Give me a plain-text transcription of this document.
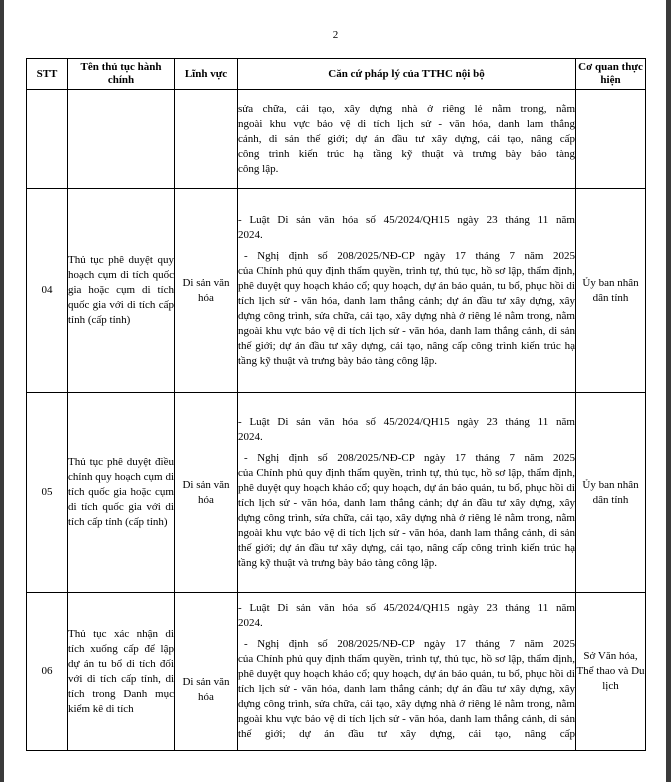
2
STT	Tên thủ tục hành chính	Lĩnh vực	Căn cứ pháp lý của TTHC nội bộ	Cơ quan thực hiện

			sửa chữa, cải tạo, xây dựng nhà ở riêng lẻ nằm trong, nằm
ngoài khu vực bảo vệ di tích lịch sử - văn hóa, danh lam thắng
cảnh, di sản thế giới; dự án đầu tư xây dựng, cải tạo, nâng cấp
công trình kiến trúc hạ tầng kỹ thuật và trưng bày bảo tàng
công lập.	

04	Thủ tục phê duyệt quy hoạch cụm di tích quốc gia hoặc cụm di tích quốc gia với di tích cấp tỉnh (cấp tỉnh)	Di sản văn hóa	- Luật Di sản văn hóa số 45/2024/QH15 ngày 23 tháng 11 năm
2024.
- Nghị định số 208/2025/NĐ-CP ngày 17 tháng 7 năm 2025
của Chính phủ quy định thẩm quyền, trình tự, thủ tục, hồ sơ lập, thẩm định, phê duyệt quy hoạch khảo cổ; quy hoạch, dự án bảo quản, tu bổ, phục hồi di tích lịch sử - văn hóa, danh lam thắng cảnh; dự án đầu tư xây dựng, xây dựng công trình, sửa chữa, cải tạo, xây dựng nhà ở riêng lẻ nằm trong, nằm ngoài khu vực bảo vệ di tích lịch sử - văn hóa, danh lam thắng cảnh, di sản thế giới; dự án đầu tư xây dựng, cải tạo, nâng cấp công trình kiến trúc hạ tầng kỹ thuật và trưng bày bảo tàng công lập.	Ủy ban nhân dân tỉnh
05	Thủ tục phê duyệt điều chỉnh quy hoạch cụm di tích quốc gia hoặc cụm di tích quốc gia với di tích cấp tỉnh (cấp tỉnh)	Di sản văn hóa	- Luật Di sản văn hóa số 45/2024/QH15 ngày 23 tháng 11 năm
2024.
- Nghị định số 208/2025/NĐ-CP ngày 17 tháng 7 năm 2025
của Chính phủ quy định thẩm quyền, trình tự, thủ tục, hồ sơ lập, thẩm định, phê duyệt quy hoạch khảo cổ; quy hoạch, dự án bảo quản, tu bổ, phục hồi di tích lịch sử - văn hóa, danh lam thắng cảnh; dự án đầu tư xây dựng, xây dựng công trình, sửa chữa, cải tạo, xây dựng nhà ở riêng lẻ nằm trong, nằm ngoài khu vực bảo vệ di tích lịch sử - văn hóa, danh lam thắng cảnh, di sản thế giới; dự án đầu tư xây dựng, cải tạo, nâng cấp công trình kiến trúc hạ tầng kỹ thuật và trưng bày bảo tàng công lập.	Ủy ban nhân dân tỉnh
06	Thủ tục xác nhận di tích xuống cấp để lập dự án tu bổ di tích đối với di tích cấp tỉnh, di tích trong Danh mục kiểm kê di tích	Di sản văn hóa	- Luật Di sản văn hóa số 45/2024/QH15 ngày 23 tháng 11 năm
2024.
- Nghị định số 208/2025/NĐ-CP ngày 17 tháng 7 năm 2025
của Chính phủ quy định thẩm quyền, trình tự, thủ tục, hồ sơ lập, thẩm định, phê duyệt quy hoạch khảo cổ; quy hoạch, dự án bảo quản, tu bổ, phục hồi di tích lịch sử - văn hóa, danh lam thắng cảnh; dự án đầu tư xây dựng, xây dựng công trình, sửa chữa, cải tạo, xây dựng nhà ở riêng lẻ nằm trong, nằm ngoài khu vực bảo vệ di tích lịch sử - văn hóa, danh lam thắng cảnh, di sản thế giới; dự án đầu tư xây dựng, cải tạo, nâng cấp	Sở Văn hóa, Thể thao và Du lịch
